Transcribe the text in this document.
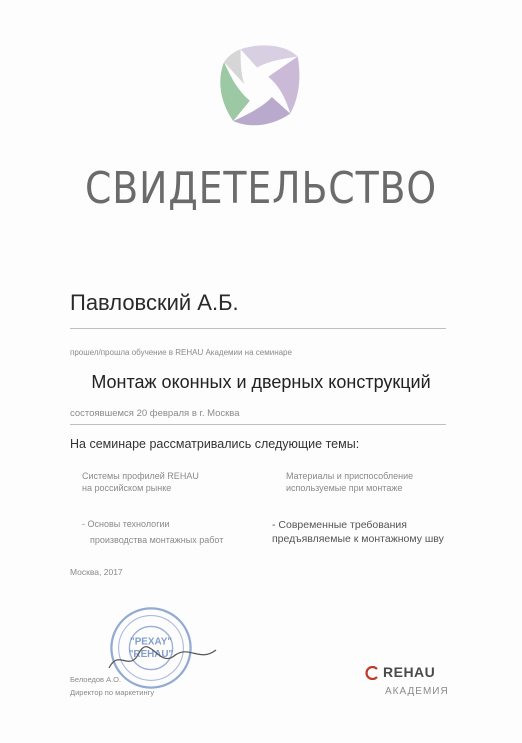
СВИДЕТЕЛЬСТВО
Павловский А.Б.
прошел/прошла обучение в REHAU Академии на семинаре
Монтаж оконных и дверных конструкций
состоявшемся 20 февраля в г. Москва
На семинаре рассматривались следующие темы:
Системы профилей REHAU
на российском рынке
Материалы и приспособление
используемые при монтаже
- Основы технологии
производства монтажных работ
- Современные требования
предъявляемые к монтажному шву
Москва, 2017
"PEXAY"
"REHAU"
Белоедов А.О.
Директор по маркетингу
REHAU
АКАДЕМИЯ
